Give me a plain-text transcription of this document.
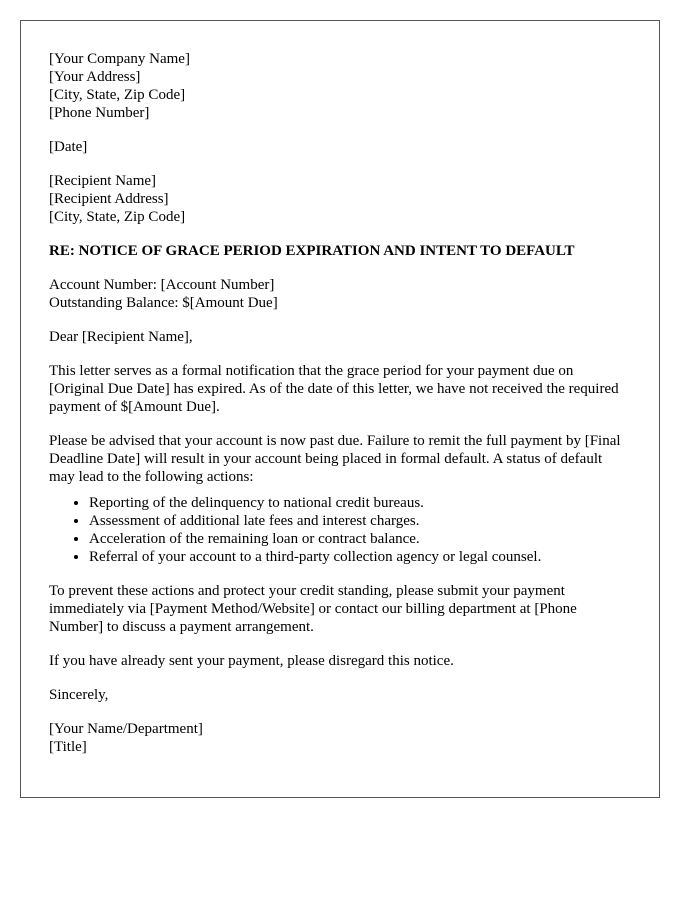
[Your Company Name]
[Your Address]
[City, State, Zip Code]
[Phone Number]
[Date]
[Recipient Name]
[Recipient Address]
[City, State, Zip Code]
RE: NOTICE OF GRACE PERIOD EXPIRATION AND INTENT TO DEFAULT
Account Number: [Account Number]
Outstanding Balance: $[Amount Due]

Dear [Recipient Name],

This letter serves as a formal notification that the grace period for your payment due on [Original Due Date] has expired. As of the date of this letter, we have not received the required payment of $[Amount Due].

Please be advised that your account is now past due. Failure to remit the full payment by [Final Deadline Date] will result in your account being placed in formal default. A status of default may lead to the following actions:

• Reporting of the delinquency to national credit bureaus.
• Assessment of additional late fees and interest charges.
• Acceleration of the remaining loan or contract balance.
• Referral of your account to a third-party collection agency or legal counsel.

To prevent these actions and protect your credit standing, please submit your payment immediately via [Payment Method/Website] or contact our billing department at [Phone Number] to discuss a payment arrangement.

If you have already sent your payment, please disregard this notice.

Sincerely,

[Your Name/Department]
[Title]
